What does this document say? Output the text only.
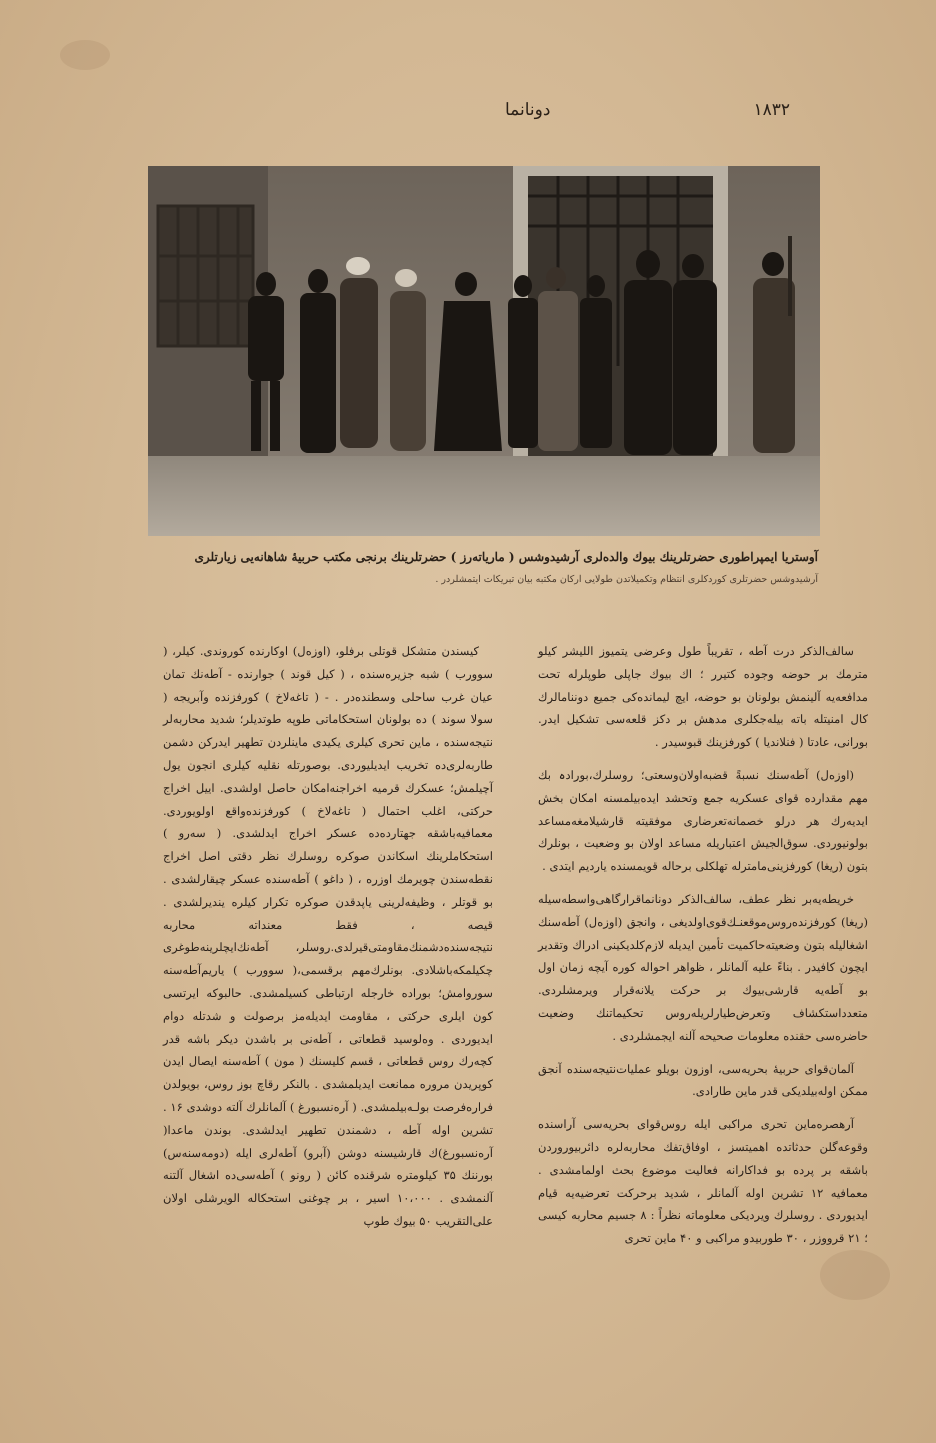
دونانما	۱۸۳۲
آوستریا ایمپراطوری حضرتلرینك بیوك والده‌لری آرشیدوشس ( ماریاته‌رز ) حضرتلرینك برنجی مكتب حربیهٔ شاهانه‌یی زیارتلری
آرشیدوشس حضرتلری كوردكلری انتظام وتكمیلاتدن طولایی اركان مكتبه بیان تبریكات ایتمشلردر .

سالف‌الذكر درت آطه ، تقریباً طول وعرضی یتمیوز الليشر كیلو مترمك بر حوضه وجوده كتیرر ؛ اك بیوك جاپلی طوپلرله تحت مدافعه‌یه آلینمش بولونان بو حوضه، ایچ لیمانده‌كی جمیع دوننامالرك كال امنیتله باته‌ بیله‌جكلری مدهش بر دكز قلعه‌سی تشكیل ایدر. بورانی، عادتا ( فنلاندیا ) كورفزینك قبوسیدر .

(اوزه‌ل) آطه‌سنك نسبةً قضبه‌اولان‌وسعتی؛ روسلرك،بورادہ بك مهم مقدارده قوای عسكریه جمع وتحشد ایده‌بیلمسنه امكان بخش ایدیه‌رك هر درلو خصمانه‌تعرضاری موفقیته قارشیلامغه‌مساعد بولونیوردی. سوق‌الجیش اعتباریله مساعد اولان بو وضعیت ، بونلرك بتون (ریغا) كورفزینی‌مامترله تهلكلی برحاله قویمسنده یاردیم ایتدی .

خریطه‌یه‌بر نظر عطف، سالف‌الذكر دونانما‌قرارگاهی‌واسطه‌سیله (ریغا) كورفزنده‌روس‌موقعنـك‌قوی‌اولدیغی ، وانجق (اوزه‌ل) آطه‌سنك اشغالیله بتون وضعیته‌حاكمیت تأمین ایدیله‌ لازم‌كلدیكینی ادراك وتقدیر ایچون كافیدر . بناءً علیه آلمانلر ، ظواهر احواله كوره آیچه زمان اول بو آطه‌یه قارشی‌بیوك بر حركت یلانه‌قرار ویرمشلردی. متعدد‌استكشاف وتعرض‌طیارلریله‌روس تحكیماتنك وضعیت حاضره‌سی حقنده معلومات صحیحه آلنه ایجمشلردی .

آلمان‌قوای حربیهٔ بحریه‌سی، اوزون بویلو عملیات‌نتیجه‌سنده آنجق ممكن اوله‌بیلدیكی قدر ماین طارادی.

آرهصره‌ماین تحری مراكبی ایله روس‌قوای بحریه‌سی آراسنده وقوعه‌گلن حدثاتده اهمیتسز ، اوفاق‌تفك محاربه‌لره دائر‌بیوروردن باشقه بر پرده بو فداكارانه فعالیت موضوع بحث اولمامشدی . معمافیه ۱۲ تشرین اوله آلمانلر ، شدید برحركت تعرضیه‌یه قیام ایدیوردی . روسلرك ویردیكی معلوماته‌ نظراً : ۸ جسیم محاربه كیسی ؛ ۲۱ قرووزر ، ۳۰ طوربیدو مراكبی و ۴۰ ماین تحری

كیسندن متشكل قوتلی برفلو، (اوزه‌ل) اوكارنده كوروندی. كیلر، ( سوورب ) شبه جزیره‌سنده ، ( كیل قوند ) جوارنده - آطه‌نك تمان عیان غرب ساحلی وسطنده‌در . - ( تاغه‌لاخ ) كورفزنده وآبریجه ( سولا سوند ) ده بولونان استحكاماتی طوپه طوتدیلر؛ شدید محاربه‌لر نتیجه‌سنده ، ماین تحری كیلری یكیدی ماینلردن تطهیر ایدركن دشمن طاربه‌لری‌ده تخریب ایدیلیوردی. بوصورتله نقلیه كیلری انجون یول آچیلمش؛ عسكرك قرمیه اخراجنه‌امكان حاصل اولشدی. اییل اخراج حركتی، اغلب احتمال ( تاغه‌لاخ ) كورفزنده‌واقع اولویوردی. معمافیه‌باشقه جهتارده‌ده عسكر اخراج ایدلشدی. ( سه‌رو ) استحكاملرینك اسكاندن صوكره روسلرك نظر دقتی اصل اخراج نقطه‌سندن چویرمك اوزره ، ( داغو ) آطه‌سنده عسكر چیقارلشدی . بو قوتلر ، وظیفه‌لرینی یاپدقدن صوكره تكرار كیلره یندیرلشدی . قیصه ، فقط معنداته محاربه نتیجه‌سنده‌دشمنك‌مقاومتی‌قیرلدی.روسلر، آطه‌نك‌ایچلرینه‌طوغری چكیلمكه‌باشلادی. بونلرك‌مهم برقسمی،( سوورب ) یاریم‌آطه‌سنه سوروامش؛ بوراده خارجله ارتباطی كسیلمشدی. حالبوكه ایرتسی كون ایلری حركتی ، مقاومت ایدیله‌مز برصولت و شدتله دوام ایدیوردی . وه‌لوسید قطعاتی ، آطه‌نی بر باشدن دیكر باشه قدر كچه‌رك روس قطعاتی ، قسم كلیسنك ( مون ) آطه‌سنه ایصال ایدن كوپریدن مروره ممانعت ایدیلمشدی . بالنكر رقاچ بوز روس، بویولدن فراره‌فرصت بولـه‌بیلمشدی. ( آره‌نسبورغ ) آلمانلرك آلته دوشدی ۱۶ . تشرین اوله آطه ، دشمندن تطهیر ایدلشدی. بوندن ماعدا( آره‌نسبورغ)ك قارشیسنه دوشن (آبرو) آطه‌لری ایله (دومه‌سنه‌س) بورننك ۳۵ كیلومتره شرقنده كائن ( رونو ) آطه‌سی‌ده اشغال آلتنه آلنمشدی . ۱۰،۰۰۰ اسیر ، بر چوغنی استحکاله الویرشلی اولان علی‌التقریب ۵۰ بیوك طوپ
